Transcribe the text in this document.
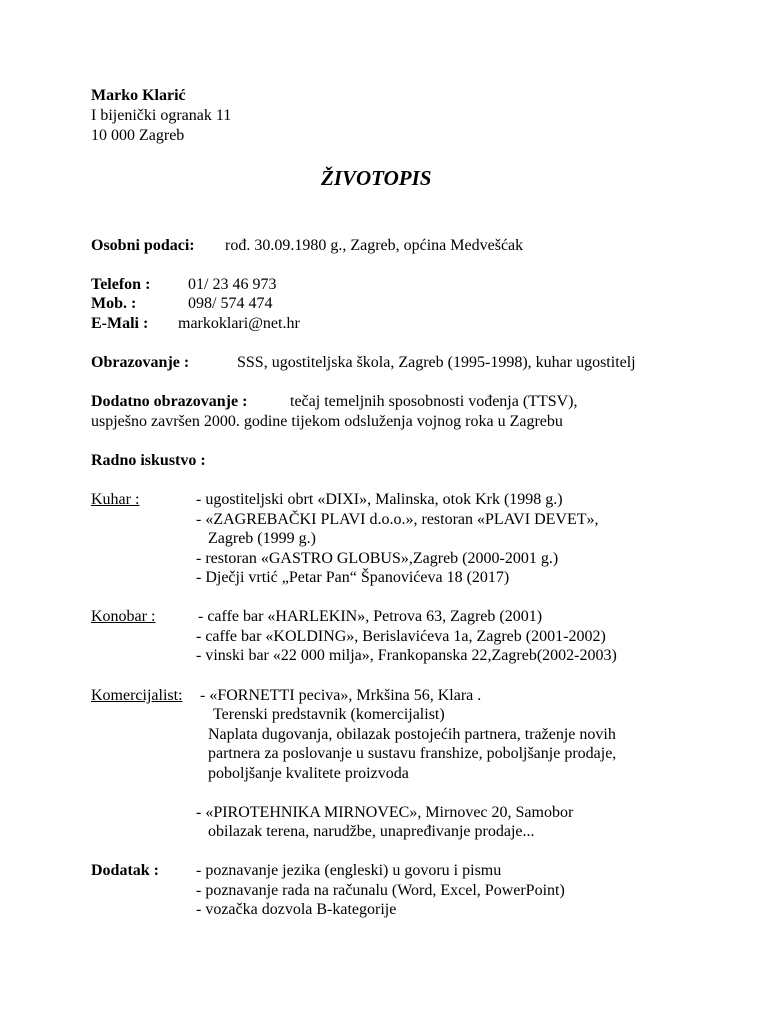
Marko Klarić
I bijenički ogranak 11
10 000 Zagreb
ŽIVOTOPIS
Osobni podaci: rođ. 30.09.1980 g., Zagreb, općina Medvešćak
Telefon : 01/ 23 46 973
Mob. :	098/ 574 474
E-Mali : markoklari@net.hr
Obrazovanje :	SSS, ugostiteljska škola, Zagreb (1995-1998), kuhar ugostitelj
Dodatno obrazovanje :	tečaj temeljnih sposobnosti vođenja (TTSV),
uspješno završen 2000. godine tijekom odsluženja vojnog roka u Zagrebu
Radno iskustvo :
Kuhar :	- ugostiteljski obrt «DIXI», Malinska, otok Krk (1998 g.)
- «ZAGREBAČKI PLAVI d.o.o.», restoran «PLAVI DEVET»,
Zagreb (1999 g.)
- restoran «GASTRO GLOBUS»,Zagreb (2000-2001 g.)
- Dječji vrtić „Petar Pan“ Španovićeva 18 (2017)
Konobar :	- caffe bar «HARLEKIN», Petrova 63, Zagreb (2001)
- caffe bar «KOLDING», Berislavićeva 1a, Zagreb (2001-2002)
- vinski bar «22 000 milja», Frankopanska 22,Zagreb(2002-2003)
Komercijalist: - «FORNETTI peciva», Mrkšina 56, Klara .
Terenski predstavnik (komercijalist)
Naplata dugovanja, obilazak postojećih partnera, traženje novih
partnera za poslovanje u sustavu franshize, poboljšanje prodaje,
poboljšanje kvalitete proizvoda
- «PIROTEHNIKA MIRNOVEC», Mirnovec 20, Samobor
obilazak terena, narudžbe, unapređivanje prodaje...
Dodatak : - poznavanje jezika (engleski) u govoru i pismu
- poznavanje rada na računalu (Word, Excel, PowerPoint)
- vozačka dozvola B-kategorije
